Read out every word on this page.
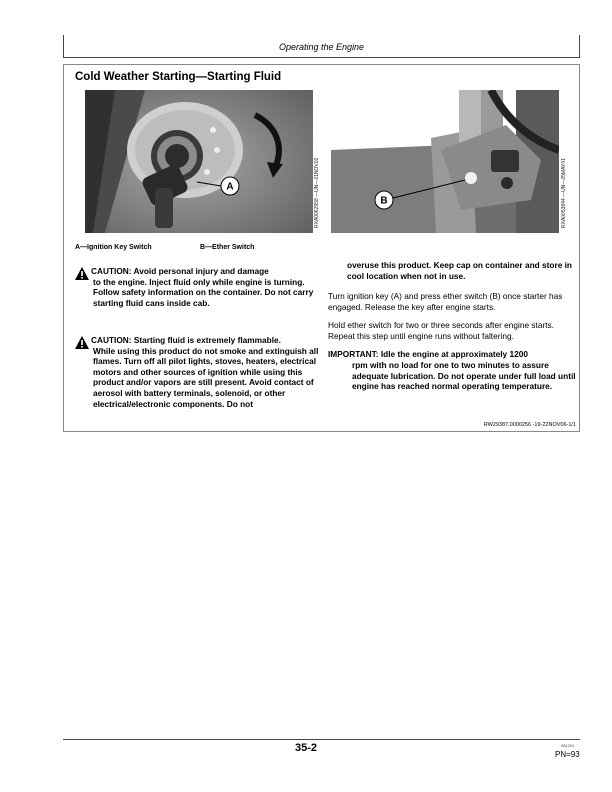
Operating the Engine
Cold Weather Starting—Starting Fluid
A	RXA0062958 —UN—21NOV02	B	RXA0053844 —UN—25MAY01
A—Ignition Key Switch	B—Ether Switch
CAUTION: Avoid personal injury and damage
to the engine. Inject fluid only while engine is turning. Follow safety information on the container. Do not carry starting fluid cans inside cab.
CAUTION: Starting fluid is extremely flammable.
While using this product do not smoke and extinguish all flames. Turn off all pilot lights, stoves, heaters, electrical motors and other sources of ignition while using this product and/or vapors are still present. Avoid contact of aerosol with battery terminals, solenoid, or other electrical/electronic components. Do not
overuse this product. Keep cap on container and store in cool location when not in use.
Turn ignition key (A) and press ether switch (B) once starter has engaged. Release the key after engine starts.
Hold ether switch for two or three seconds after engine starts. Repeat this step until engine runs without faltering.
IMPORTANT: Idle the engine at approximately 1200
rpm with no load for one to two minutes to assure adequate lubrication. Do not operate under full load until engine has reached normal operating temperature.
RW29387,0000256 -19-22NOV06-1/1
35-2	081201
PN=93
